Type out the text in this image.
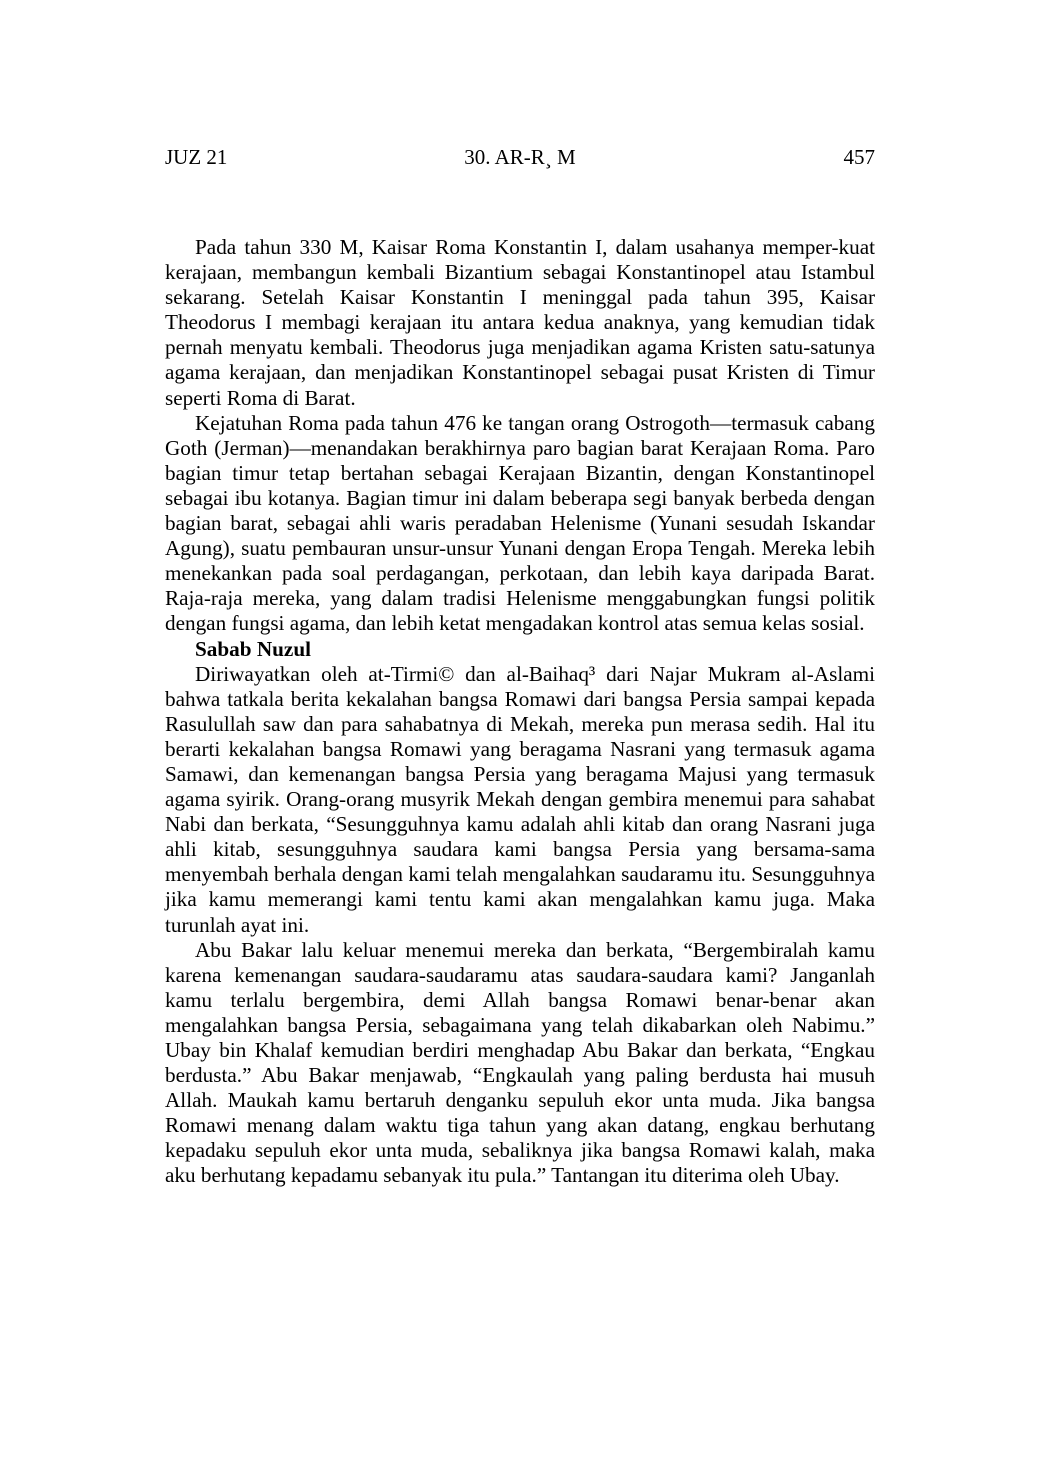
JUZ 21	30. AR-R¸ M	457

Pada tahun 330 M, Kaisar Roma Konstantin I, dalam usahanya memper-kuat kerajaan, membangun kembali Bizantium sebagai Konstantinopel atau Istambul sekarang. Setelah Kaisar Konstantin I meninggal pada tahun 395, Kaisar Theodorus I membagi kerajaan itu antara kedua anaknya, yang kemudian tidak pernah menyatu kembali. Theodorus juga menjadikan agama Kristen satu-satunya agama kerajaan, dan menjadikan Konstantinopel sebagai pusat Kristen di Timur seperti Roma di Barat.

Kejatuhan Roma pada tahun 476 ke tangan orang Ostrogoth—termasuk cabang Goth (Jerman)—menandakan berakhirnya paro bagian barat Kerajaan Roma. Paro bagian timur tetap bertahan sebagai Kerajaan Bizantin, dengan Konstantinopel sebagai ibu kotanya. Bagian timur ini dalam beberapa segi banyak berbeda dengan bagian barat, sebagai ahli waris peradaban Helenisme (Yunani sesudah Iskandar Agung), suatu pembauran unsur-unsur Yunani dengan Eropa Tengah. Mereka lebih menekankan pada soal perdagangan, perkotaan, dan lebih kaya daripada Barat. Raja-raja mereka, yang dalam tradisi Helenisme menggabungkan fungsi politik dengan fungsi agama, dan lebih ketat mengadakan kontrol atas semua kelas sosial.

Sabab Nuzul

Diriwayatkan oleh at-Tirmi© dan al-Baihaq³ dari Najar Mukram al-Aslami bahwa tatkala berita kekalahan bangsa Romawi dari bangsa Persia sampai kepada Rasulullah saw dan para sahabatnya di Mekah, mereka pun merasa sedih. Hal itu berarti kekalahan bangsa Romawi yang beragama Nasrani yang termasuk agama Samawi, dan kemenangan bangsa Persia yang beragama Majusi yang termasuk agama syirik. Orang-orang musyrik Mekah dengan gembira menemui para sahabat Nabi dan berkata, “Sesungguhnya kamu adalah ahli kitab dan orang Nasrani juga ahli kitab, sesungguhnya saudara kami bangsa Persia yang bersama-sama menyembah berhala dengan kami telah mengalahkan saudaramu itu. Sesungguhnya jika kamu memerangi kami tentu kami akan mengalahkan kamu juga. Maka turunlah ayat ini.

Abu Bakar lalu keluar menemui mereka dan berkata, “Bergembiralah kamu karena kemenangan saudara-saudaramu atas saudara-saudara kami? Janganlah kamu terlalu bergembira, demi Allah bangsa Romawi benar-benar akan mengalahkan bangsa Persia, sebagaimana yang telah dikabarkan oleh Nabimu.” Ubay bin Khalaf kemudian berdiri menghadap Abu Bakar dan berkata, “Engkau berdusta.” Abu Bakar menjawab, “Engkaulah yang paling berdusta hai musuh Allah. Maukah kamu bertaruh denganku sepuluh ekor unta muda. Jika bangsa Romawi menang dalam waktu tiga tahun yang akan datang, engkau berhutang kepadaku sepuluh ekor unta muda, sebaliknya jika bangsa Romawi kalah, maka aku berhutang kepadamu sebanyak itu pula.” Tantangan itu diterima oleh Ubay.
